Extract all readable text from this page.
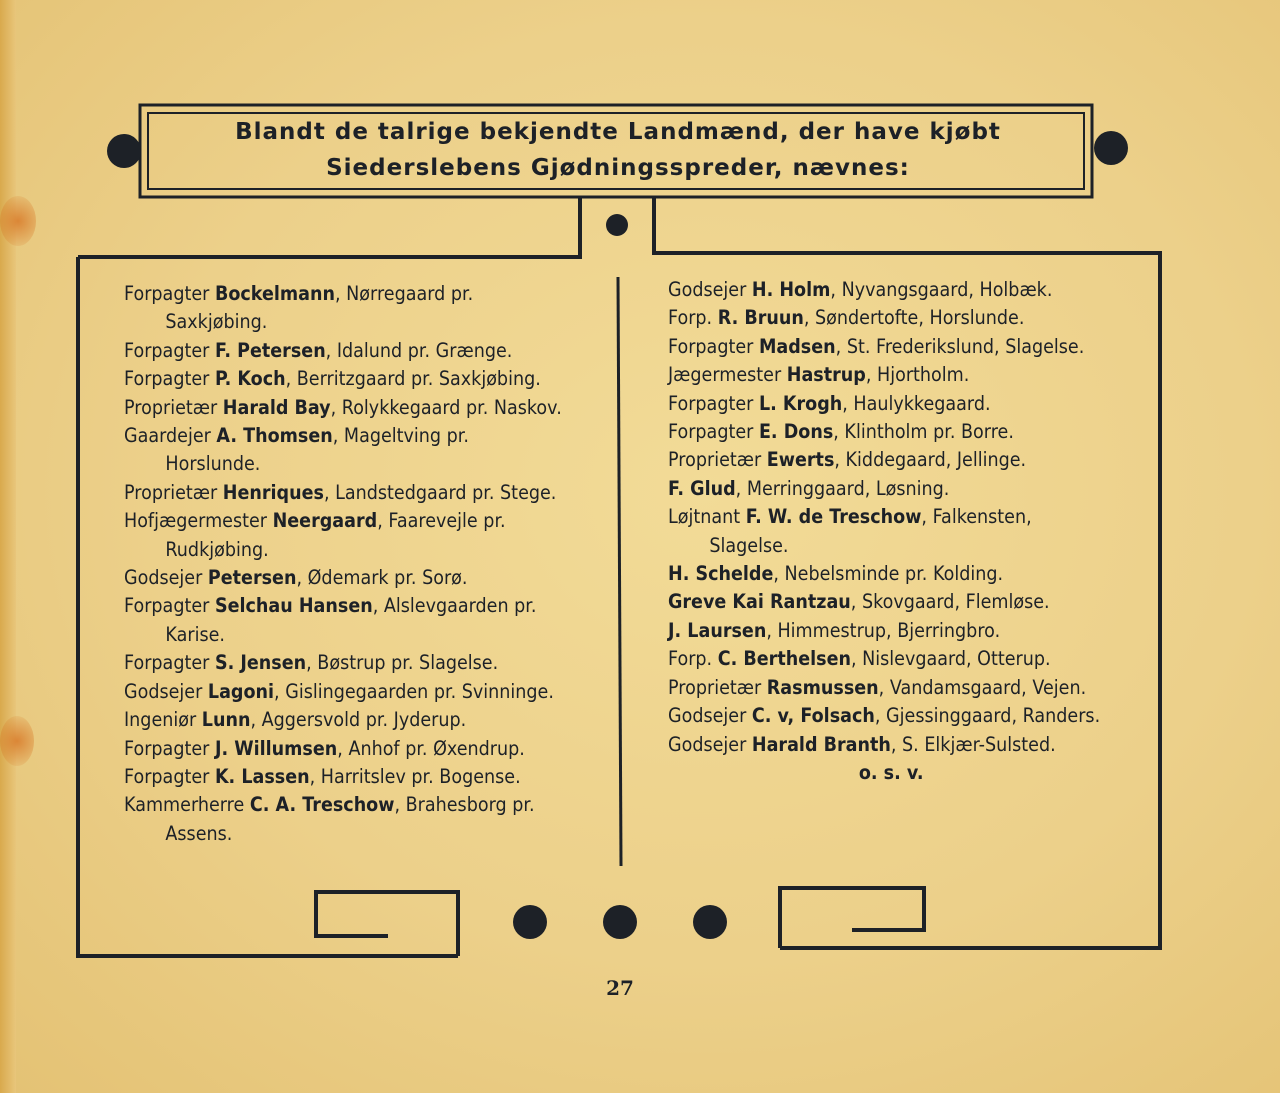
Blandt de talrige bekjendte Landmænd, der have kjøbt
Siederslebens Gjødningsspreder, nævnes:
Forpagter Bockelmann, Nørregaard pr. Saxkjøbing.
Forpagter F. Petersen, Idalund pr. Grænge.
Forpagter P. Koch, Berritzgaard pr. Saxkjøbing.
Proprietær Harald Bay, Rolykkegaard pr. Naskov.
Gaardejer A. Thomsen, Mageltving pr. Horslunde.
Proprietær Henriques, Landstedgaard pr. Stege.
Hofjægermester Neergaard, Faarevejle pr. Rudkjøbing.
Godsejer Petersen, Ødemark pr. Sorø.
Forpagter Selchau Hansen, Alslevgaarden pr. Karise.
Forpagter S. Jensen, Bøstrup pr. Slagelse.
Godsejer Lagoni, Gislingegaarden pr. Svinninge.
Ingeniør Lunn, Aggersvold pr. Jyderup.
Forpagter J. Willumsen, Anhof pr. Øxendrup.
Forpagter K. Lassen, Harritslev pr. Bogense.
Kammerherre C. A. Treschow, Brahesborg pr. Assens.
Godsejer H. Holm, Nyvangsgaard, Holbæk.
Forp. R. Bruun, Søndertofte, Horslunde.
Forpagter Madsen, St. Frederikslund, Slagelse.
Jægermester Hastrup, Hjortholm.
Forpagter L. Krogh, Haulykkegaard.
Forpagter E. Dons, Klintholm pr. Borre.
Proprietær Ewerts, Kiddegaard, Jellinge.
F. Glud, Merringgaard, Løsning.
Løjtnant F. W. de Treschow, Falkensten, Slagelse.
H. Schelde, Nebelsminde pr. Kolding.
Greve Kai Rantzau, Skovgaard, Flemløse.
J. Laursen, Himmestrup, Bjerringbro.
Forp. C. Berthelsen, Nislevgaard, Otterup.
Proprietær Rasmussen, Vandamsgaard, Vejen.
Godsejer C. v, Folsach, Gjessinggaard, Randers.
Godsejer Harald Branth, S. Elkjær-Sulsted.
o. s. v.
27
